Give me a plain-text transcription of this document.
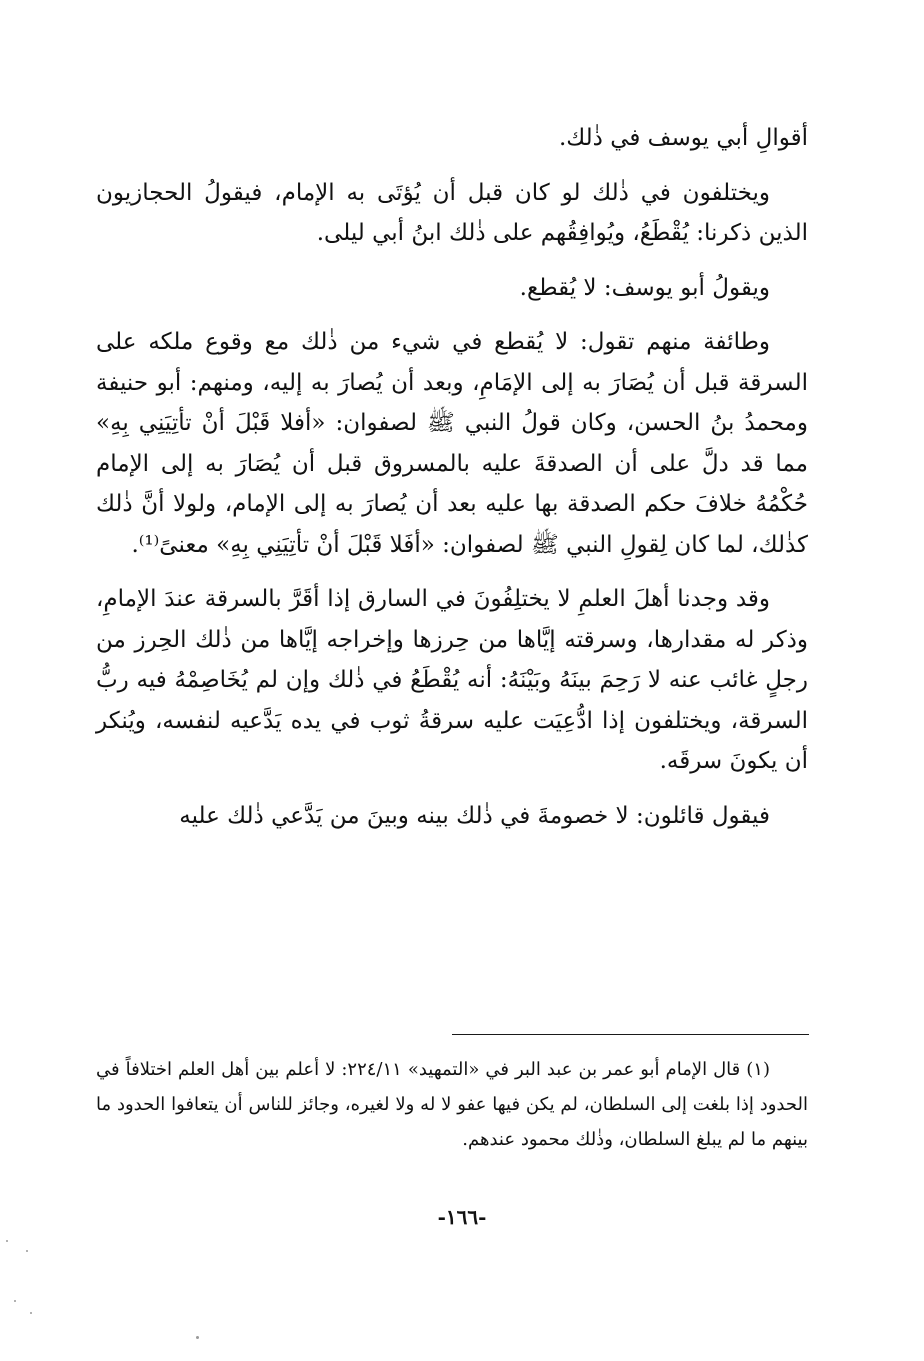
أقوالِ أبي يوسف في ذٰلك.

ويختلفون في ذٰلك لو كان قبل أن يُؤتَى به الإمام، فيقولُ الحجازيون الذين ذكرنا: يُقْطَعُ، ويُوافِقُهم على ذٰلك ابنُ أبي ليلى.

ويقولُ أبو يوسف: لا يُقطع.

وطائفة منهم تقول: لا يُقطع في شيء من ذٰلك مع وقوع ملكه على السرقة قبل أن يُصَارَ به إلى الإمَامِ، وبعد أن يُصارَ به إليه، ومنهم: أبو حنيفة ومحمدُ بنُ الحسن، وكان قولُ النبي ﷺ لصفوان: «أفلا قَبْلَ أنْ تأتِيَنِي بِهِ» مما قد دلَّ على أن الصدقةَ عليه بالمسروق قبل أن يُصَارَ به إلى الإمام حُكْمُهُ خلافَ حكم الصدقة بها عليه بعد أن يُصارَ به إلى الإمام، ولولا أنَّ ذٰلك كذٰلك، لما كان لِقولِ النبي ﷺ لصفوان: «أفَلا قَبْلَ أنْ تأتِيَنِي بِهِ» معنىً⁽¹⁾.

وقد وجدنا أهلَ العلمِ لا يختلِفُونَ في السارق إذا أقَرَّ بالسرقة عندَ الإمامِ، وذكر له مقدارها، وسرقته إيَّاها من حِرزها وإخراجه إيَّاها من ذٰلك الحِرز من رجلٍ غائب عنه لا رَحِمَ بينَهُ وبَيْنَهُ: أنه يُقْطَعُ في ذٰلك وإن لم يُخَاصِمْهُ فيه ربُّ السرقة، ويختلفون إذا ادُّعِيَت عليه سرقةُ ثوب في يده يَدَّعيه لنفسه، ويُنكر أن يكونَ سرقَه.

فيقول قائلون: لا خصومةَ في ذٰلك بينه وبينَ من يَدَّعي ذٰلك عليه

(١) قال الإمام أبو عمر بن عبد البر في «التمهيد» ٢٢٤/١١: لا أعلم بين أهل العلم اختلافاً في الحدود إذا بلغت إلى السلطان، لم يكن فيها عفو لا له ولا لغيره، وجائز للناس أن يتعافوا الحدود ما بينهم ما لم يبلغ السلطان، وذٰلك محمود عندهم.

-١٦٦-
